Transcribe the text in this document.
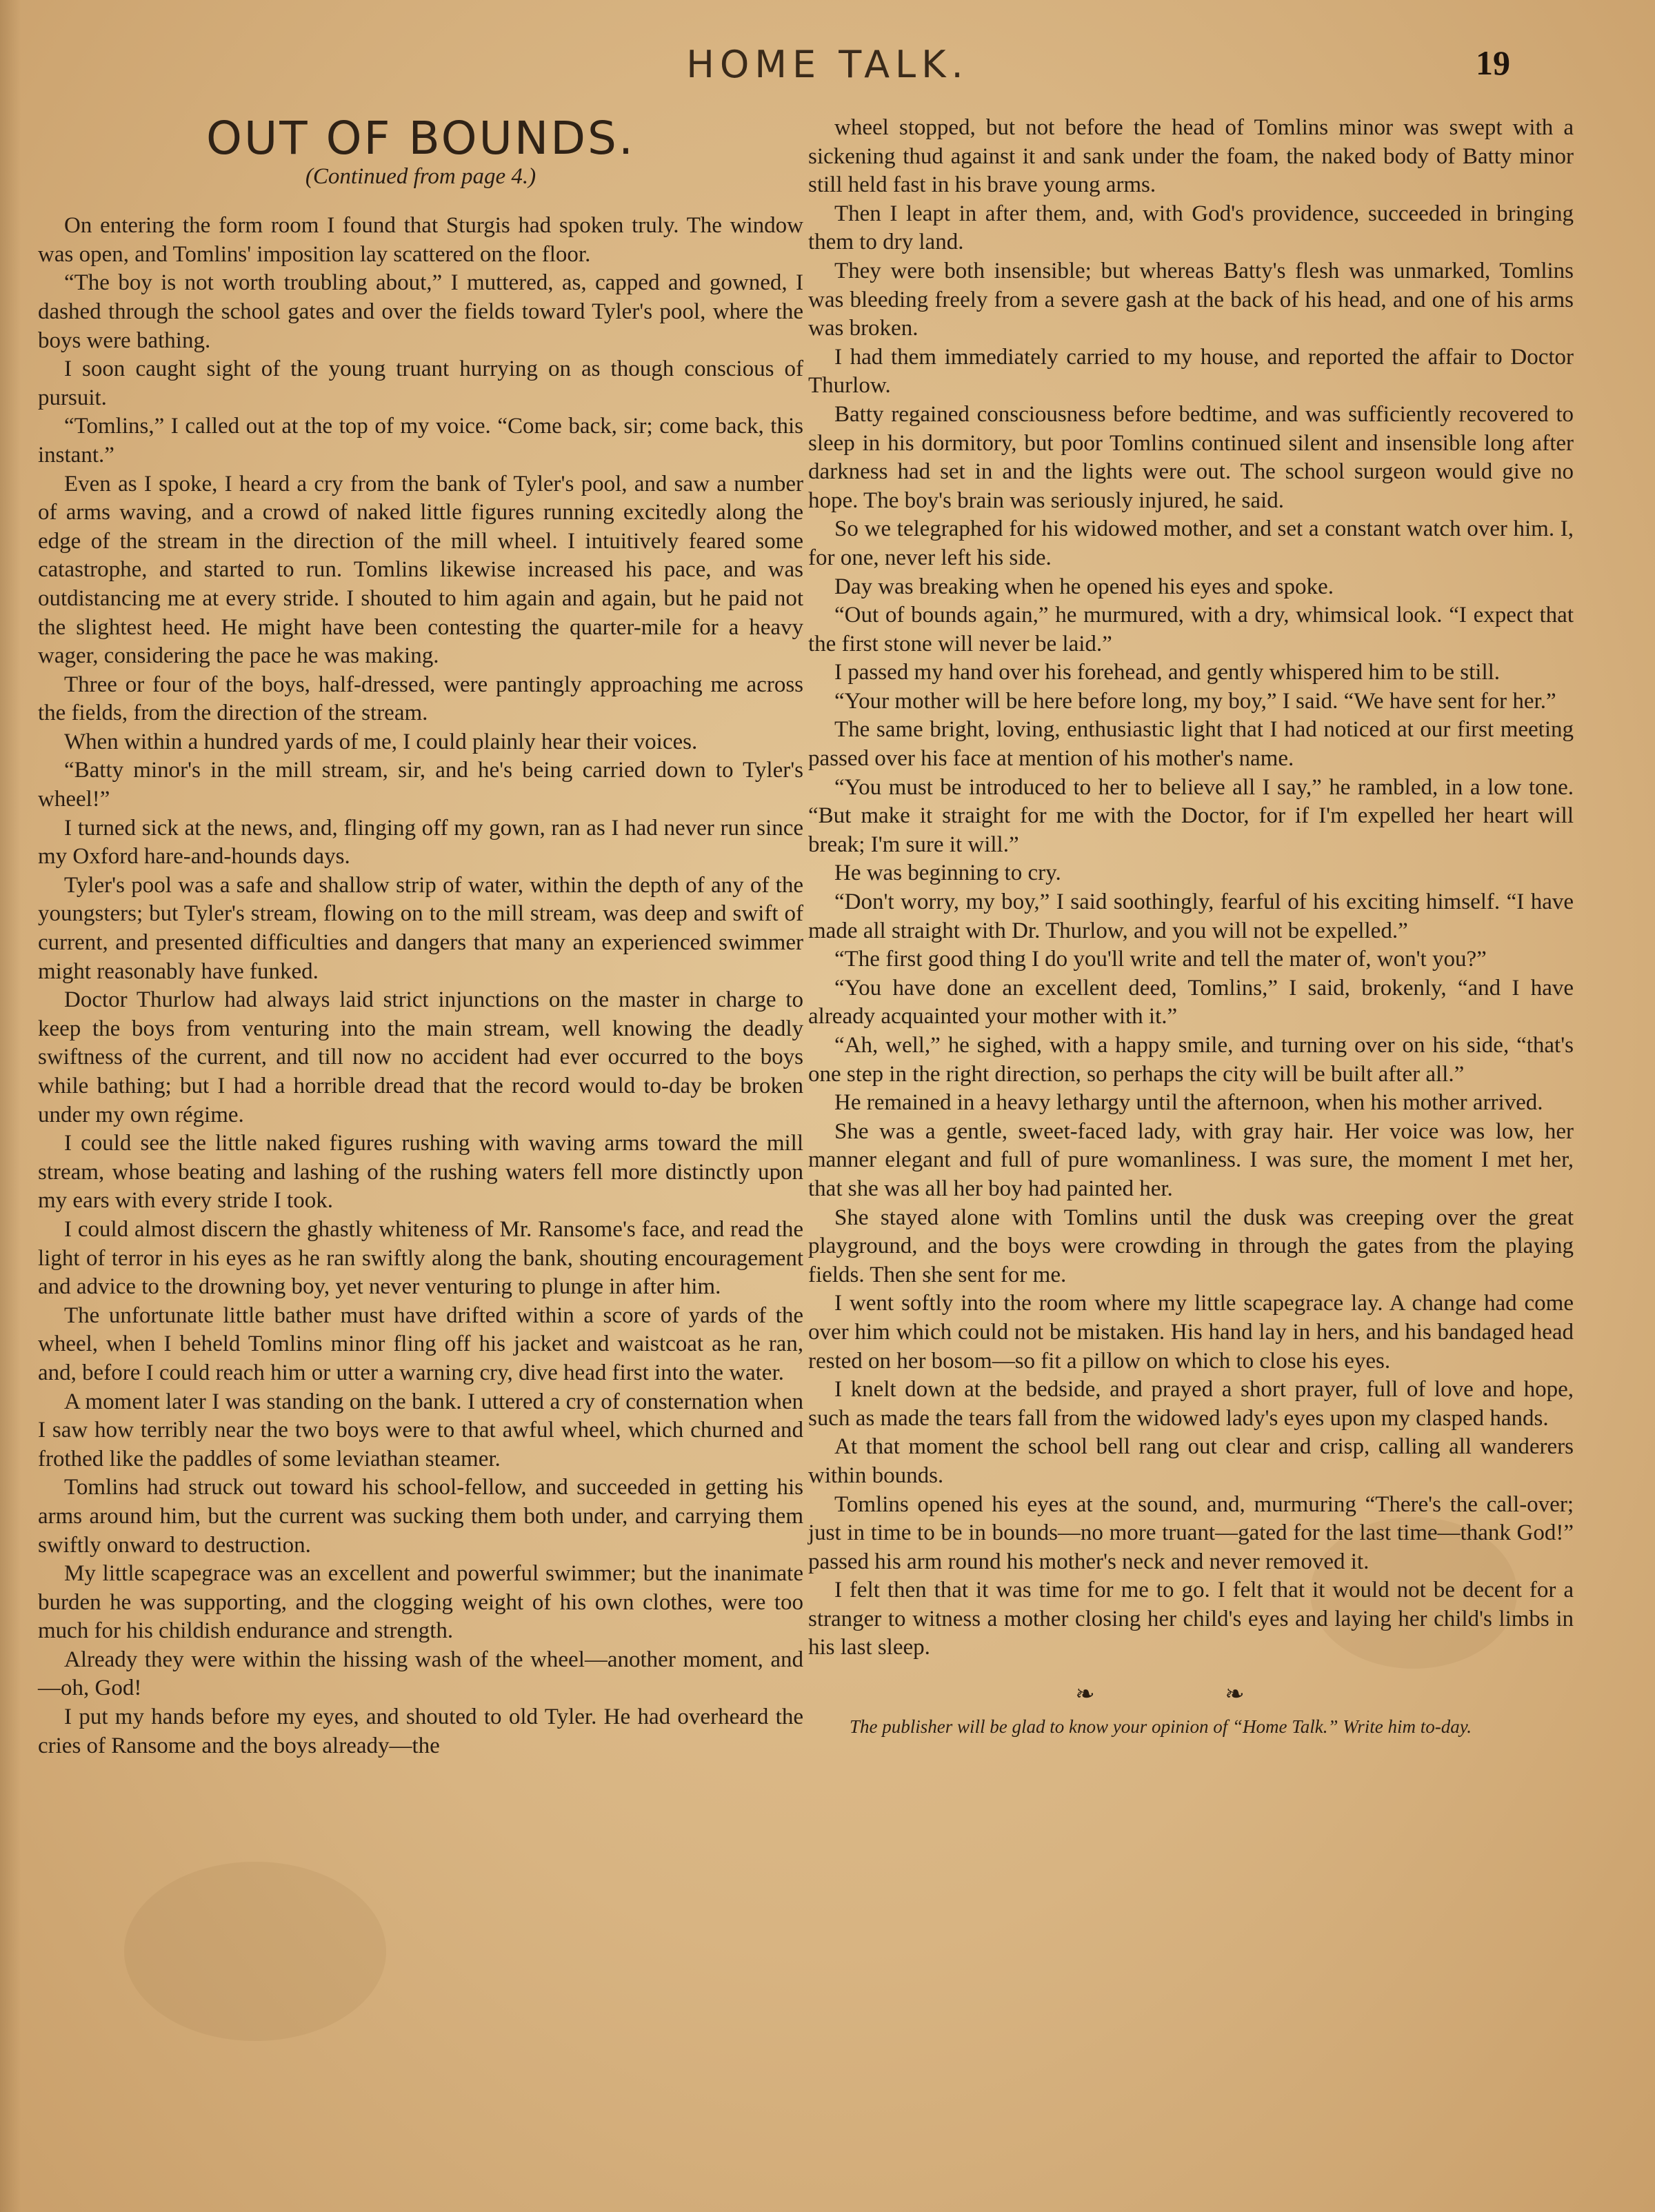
HOME TALK.	19
OUT OF BOUNDS.
(Continued from page 4.)

On entering the form room I found that Sturgis had spoken truly. The window was open, and Tomlins' imposition lay scattered on the floor.

“The boy is not worth troubling about,” I muttered, as, capped and gowned, I dashed through the school gates and over the fields toward Tyler's pool, where the boys were bathing.

I soon caught sight of the young truant hurrying on as though conscious of pursuit.

“Tomlins,” I called out at the top of my voice. “Come back, sir; come back, this instant.”

Even as I spoke, I heard a cry from the bank of Tyler's pool, and saw a number of arms waving, and a crowd of naked little figures running excitedly along the edge of the stream in the direction of the mill wheel. I intuitively feared some catastrophe, and started to run. Tomlins likewise increased his pace, and was outdistancing me at every stride. I shouted to him again and again, but he paid not the slightest heed. He might have been contesting the quarter-mile for a heavy wager, considering the pace he was making.

Three or four of the boys, half-dressed, were pantingly approaching me across the fields, from the direction of the stream.

When within a hundred yards of me, I could plainly hear their voices.

“Batty minor's in the mill stream, sir, and he's being carried down to Tyler's wheel!”

I turned sick at the news, and, flinging off my gown, ran as I had never run since my Oxford hare-and-hounds days.

Tyler's pool was a safe and shallow strip of water, within the depth of any of the youngsters; but Tyler's stream, flowing on to the mill stream, was deep and swift of current, and presented difficulties and dangers that many an experienced swimmer might reasonably have funked.

Doctor Thurlow had always laid strict injunctions on the master in charge to keep the boys from venturing into the main stream, well knowing the deadly swiftness of the current, and till now no accident had ever occurred to the boys while bathing; but I had a horrible dread that the record would to-day be broken under my own régime.

I could see the little naked figures rushing with waving arms toward the mill stream, whose beating and lashing of the rushing waters fell more distinctly upon my ears with every stride I took.

I could almost discern the ghastly whiteness of Mr. Ransome's face, and read the light of terror in his eyes as he ran swiftly along the bank, shouting encouragement and advice to the drowning boy, yet never venturing to plunge in after him.

The unfortunate little bather must have drifted within a score of yards of the wheel, when I beheld Tomlins minor fling off his jacket and waistcoat as he ran, and, before I could reach him or utter a warning cry, dive head first into the water.

A moment later I was standing on the bank. I uttered a cry of consternation when I saw how terribly near the two boys were to that awful wheel, which churned and frothed like the paddles of some leviathan steamer.

Tomlins had struck out toward his school-fellow, and succeeded in getting his arms around him, but the current was sucking them both under, and carrying them swiftly onward to destruction.

My little scapegrace was an excellent and powerful swimmer; but the inanimate burden he was supporting, and the clogging weight of his own clothes, were too much for his childish endurance and strength.

Already they were within the hissing wash of the wheel—another moment, and—oh, God!

I put my hands before my eyes, and shouted to old Tyler. He had overheard the cries of Ransome and the boys already—the

wheel stopped, but not before the head of Tomlins minor was swept with a sickening thud against it and sank under the foam, the naked body of Batty minor still held fast in his brave young arms.

Then I leapt in after them, and, with God's providence, succeeded in bringing them to dry land.

They were both insensible; but whereas Batty's flesh was unmarked, Tomlins was bleeding freely from a severe gash at the back of his head, and one of his arms was broken.

I had them immediately carried to my house, and reported the affair to Doctor Thurlow.

Batty regained consciousness before bedtime, and was sufficiently recovered to sleep in his dormitory, but poor Tomlins continued silent and insensible long after darkness had set in and the lights were out. The school surgeon would give no hope. The boy's brain was seriously injured, he said.

So we telegraphed for his widowed mother, and set a constant watch over him. I, for one, never left his side.

Day was breaking when he opened his eyes and spoke.

“Out of bounds again,” he murmured, with a dry, whimsical look. “I expect that the first stone will never be laid.”

I passed my hand over his forehead, and gently whispered him to be still.

“Your mother will be here before long, my boy,” I said. “We have sent for her.”

The same bright, loving, enthusiastic light that I had noticed at our first meeting passed over his face at mention of his mother's name.

“You must be introduced to her to believe all I say,” he rambled, in a low tone. “But make it straight for me with the Doctor, for if I'm expelled her heart will break; I'm sure it will.”

He was beginning to cry.

“Don't worry, my boy,” I said soothingly, fearful of his exciting himself. “I have made all straight with Dr. Thurlow, and you will not be expelled.”

“The first good thing I do you'll write and tell the mater of, won't you?”

“You have done an excellent deed, Tomlins,” I said, brokenly, “and I have already acquainted your mother with it.”

“Ah, well,” he sighed, with a happy smile, and turning over on his side, “that's one step in the right direction, so perhaps the city will be built after all.”

He remained in a heavy lethargy until the afternoon, when his mother arrived.

She was a gentle, sweet-faced lady, with gray hair. Her voice was low, her manner elegant and full of pure womanliness. I was sure, the moment I met her, that she was all her boy had painted her.

She stayed alone with Tomlins until the dusk was creeping over the great playground, and the boys were crowding in through the gates from the playing fields. Then she sent for me.

I went softly into the room where my little scapegrace lay. A change had come over him which could not be mistaken. His hand lay in hers, and his bandaged head rested on her bosom—so fit a pillow on which to close his eyes.

I knelt down at the bedside, and prayed a short prayer, full of love and hope, such as made the tears fall from the widowed lady's eyes upon my clasped hands.

At that moment the school bell rang out clear and crisp, calling all wanderers within bounds.

Tomlins opened his eyes at the sound, and, murmuring “There's the call-over; just in time to be in bounds—no more truant—gated for the last time—thank God!” passed his arm round his mother's neck and never removed it.

I felt then that it was time for me to go. I felt that it would not be decent for a stranger to witness a mother closing her child's eyes and laying her child's limbs in his last sleep.

❧ ❧
The publisher will be glad to know your opinion of “Home Talk.” Write him to-day.
